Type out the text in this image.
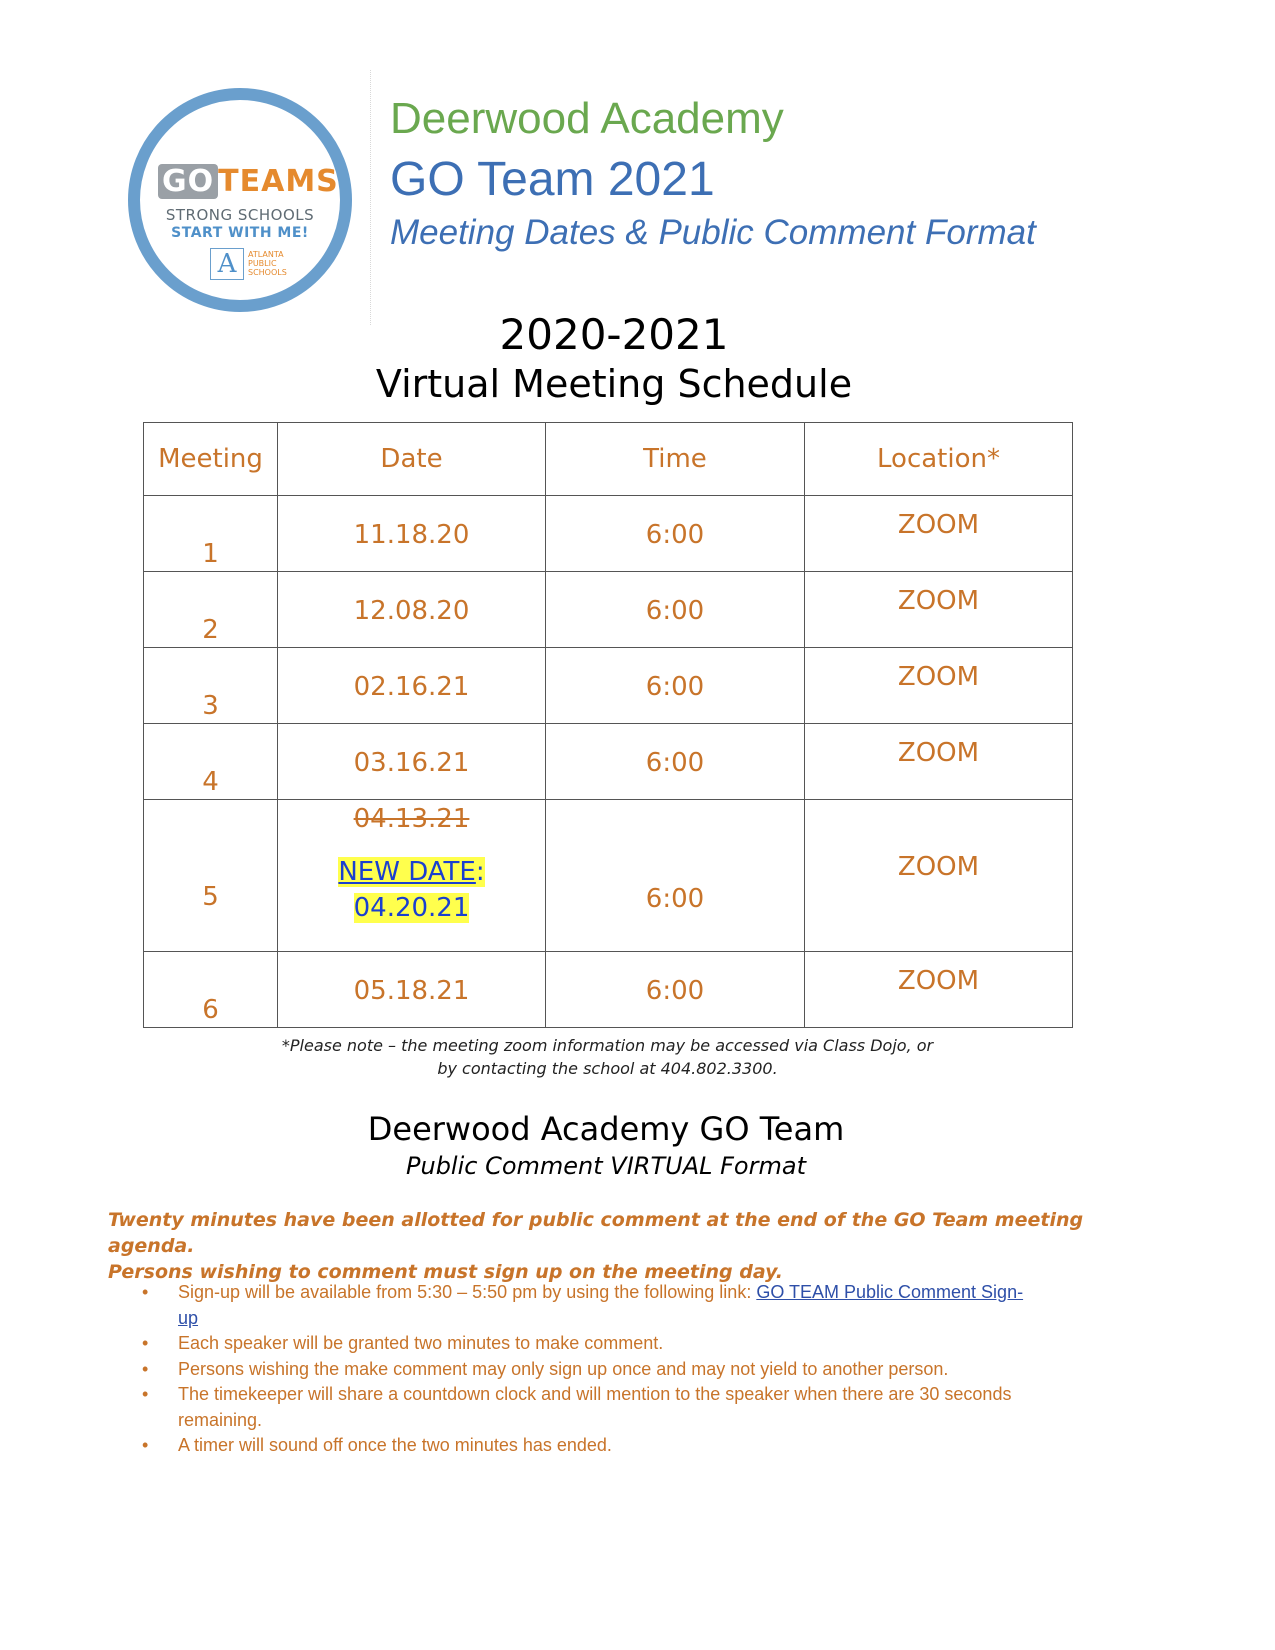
GO TEAMS
STRONG SCHOOLS
START WITH ME!
A	ATLANTA PUBLIC SCHOOLS
Deerwood Academy
GO Team 2021
Meeting Dates & Public Comment Format
2020-2021
Virtual Meeting Schedule
Meeting	Date	Time	Location*

1	11.18.20	6:00	ZOOM

2	12.08.20	6:00	ZOOM

3	02.16.21	6:00	ZOOM

4	03.16.21	6:00	ZOOM

5	04.13.21
NEW DATE:
04.20.21	6:00	ZOOM

6	05.18.21	6:00	ZOOM
*Please note – the meeting zoom information may be accessed via Class Dojo, or
by contacting the school at 404.802.3300.
Deerwood Academy GO Team
Public Comment VIRTUAL Format
Twenty minutes have been allotted for public comment at the end of the GO Team meeting agenda.
Persons wishing to comment must sign up on the meeting day.
• Sign-up will be available from 5:30 – 5:50 pm by using the following link: GO TEAM Public Comment Sign-up
• Each speaker will be granted two minutes to make comment.
• Persons wishing the make comment may only sign up once and may not yield to another person.
• The timekeeper will share a countdown clock and will mention to the speaker when there are 30 seconds remaining.
• A timer will sound off once the two minutes has ended.
